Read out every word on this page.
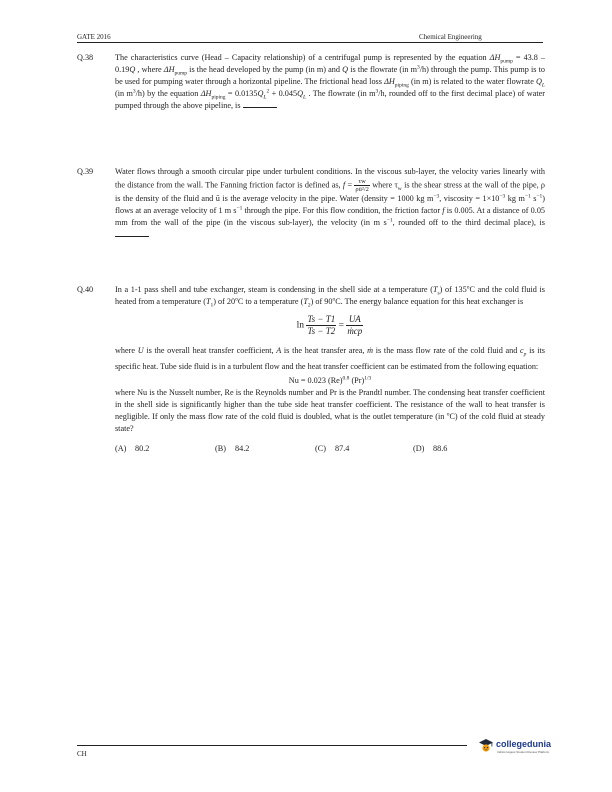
GATE 2016	Chemical Engineering
Q.38	The characteristics curve (Head – Capacity relationship) of a centrifugal pump is represented by the equation $\Delta H_{pump} = 43.8 - 0.19Q$ , where $\Delta H_{pump}$ is the head developed by the pump (in m) and Q is the flowrate (in $m^3/h$) through the pump. This pump is to be used for pumping water through a horizontal pipeline. The frictional head loss $\Delta H_{piping}$ (in m) is related to the water flowrate $Q_L$ (in $m^3/h$) by the equation $\Delta H_{piping} = 0.0135Q_L^2 + 0.045Q_L$ . The flowrate (in $m^3/h$, rounded off to the first decimal place) of water pumped through the above pipeline, is

Q.39	Water flows through a smooth circular pipe under turbulent conditions. In the viscous sub-layer, the velocity varies linearly with the distance from the wall. The Fanning friction factor is defined as, $f = \frac{\tau w}{\text{ρū²/2}}$ where $\tau_w$ is the shear stress at the wall of the pipe, ρ is the density of the fluid and ū is the average velocity in the pipe. Water (density = 1000 kg $m^{-3}$, viscosity = $1\times 10^{-3}$ kg $m^{-1}$ $s^{-1}$) flows at an average velocity of 1 m $s^{-1}$ through the pipe. For this flow condition, the friction factor f is 0.005. At a distance of 0.05 mm from the wall of the pipe (in the viscous sub-layer), the velocity (in m $s^{-1}$, rounded off to the third decimal place), is

Q.40	In a 1-1 pass shell and tube exchanger, steam is condensing in the shell side at a temperature $(T_s)$ of 135$^o$C and the cold fluid is heated from a temperature $(T_1)$ of 20$^o$C to a temperature $(T_2)$ of 90$^o$C. The energy balance equation for this heat exchanger is

$\ln \frac{Ts - T1}{Ts - T2} = \frac{UA}{\text{ṁcp}}$

where U is the overall heat transfer coefficient, A is the heat transfer area, ṁ is the mass flow rate of the cold fluid and $c_p$ is its specific heat. Tube side fluid is in a turbulent flow and the heat transfer coefficient can be estimated from the following equation:

Nu = 0.023 $(Re)^{0.8}$ $(Pr)^{1/3}$

where Nu is the Nusselt number, Re is the Reynolds number and Pr is the Prandtl number. The condensing heat transfer coefficient in the shell side is significantly higher than the tube side heat transfer coefficient. The resistance of the wall to heat transfer is negligible. If only the mass flow rate of the cold fluid is doubled, what is the outlet temperature (in $^o$C) of the cold fluid at steady state?

(A) 80.2	(B) 84.2	(C) 87.4	(D) 88.6
CH
collegedunia
India's largest Student Review Platform
